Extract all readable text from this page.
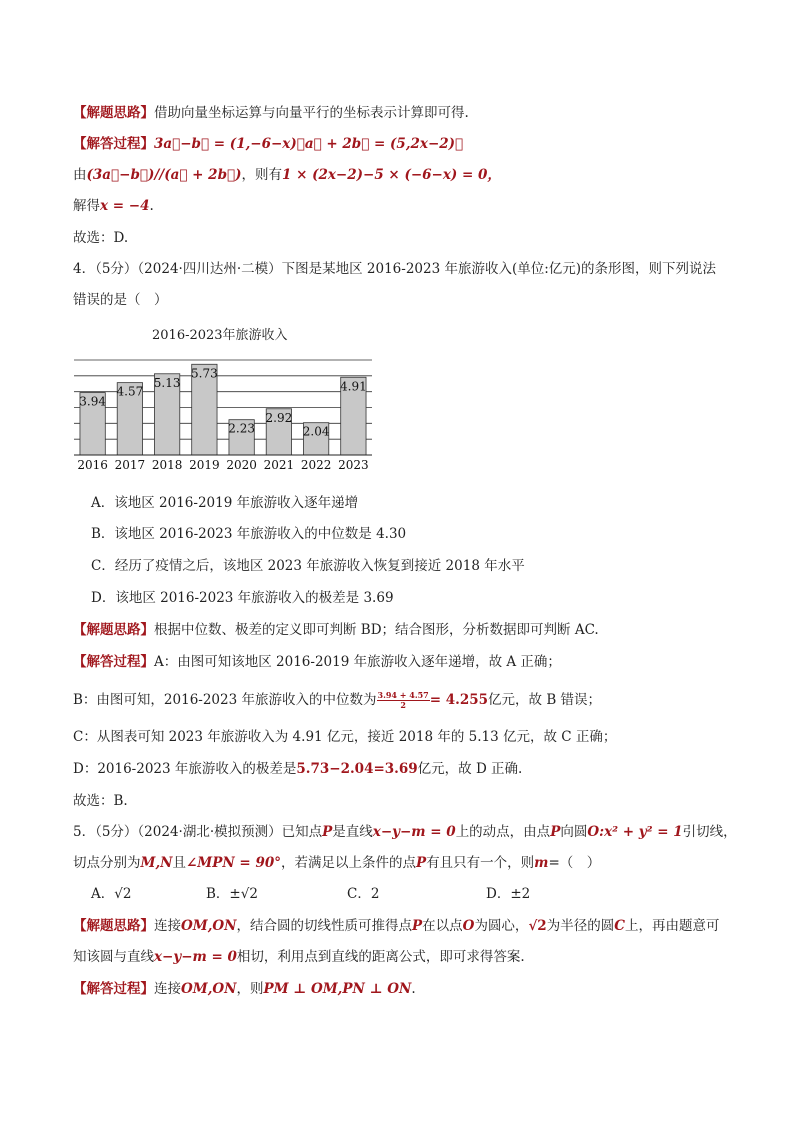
【解题思路】借助向量坐标运算与向量平行的坐标表示计算即可得.
【解答过程】3a⃗−b⃗ = (1,−6−x)，a⃗ + 2b⃗ = (5,2x−2)，
由(3a⃗−b⃗)//(a⃗ + 2b⃗)，则有1 × (2x−2)−5 × (−6−x) = 0，
解得x = −4.
故选：D.
4．（5分）（2024·四川达州·二模）下图是某地区 2016-2023 年旅游收入(单位:亿元)的条形图，则下列说法
错误的是（　）
2016-2023年旅游收入
3.94
2016
4.57
2017
5.13
2018
5.73
2019
2.23
2020
2.92
2021
2.04
2022
4.91
2023
A．该地区 2016-2019 年旅游收入逐年递增
B．该地区 2016-2023 年旅游收入的中位数是 4.30
C．经历了疫情之后，该地区 2023 年旅游收入恢复到接近 2018 年水平
D．该地区 2016-2023 年旅游收入的极差是 3.69
【解题思路】根据中位数、极差的定义即可判断 BD；结合图形，分析数据即可判断 AC.
【解答过程】A：由图可知该地区 2016-2019 年旅游收入逐年递增，故 A 正确；
B：由图可知，2016-2023 年旅游收入的中位数为 $\frac{3.94 + 4.57}{2} = 4.255$亿元，故 B 错误；
C：从图表可知 2023 年旅游收入为 4.91 亿元，接近 2018 年的 5.13 亿元，故 C 正确；
D：2016-2023 年旅游收入的极差是5.73−2.04=3.69亿元，故 D 正确.
故选：B.
5．（5分）（2024·湖北·模拟预测）已知点P是直线x−y−m = 0上的动点，由点P向圆O:x² + y² = 1引切线，
切点分别为M,N且∠MPN = 90°，若满足以上条件的点P有且只有一个，则m=（　）
A．√2	B．±√2	C．2	D．±2
【解题思路】连接OM,ON，结合圆的切线性质可推得点P在以点O为圆心，√2为半径的圆C上，再由题意可
知该圆与直线x−y−m = 0相切，利用点到直线的距离公式，即可求得答案.
【解答过程】连接OM,ON，则PM ⊥ OM,PN ⊥ ON.
